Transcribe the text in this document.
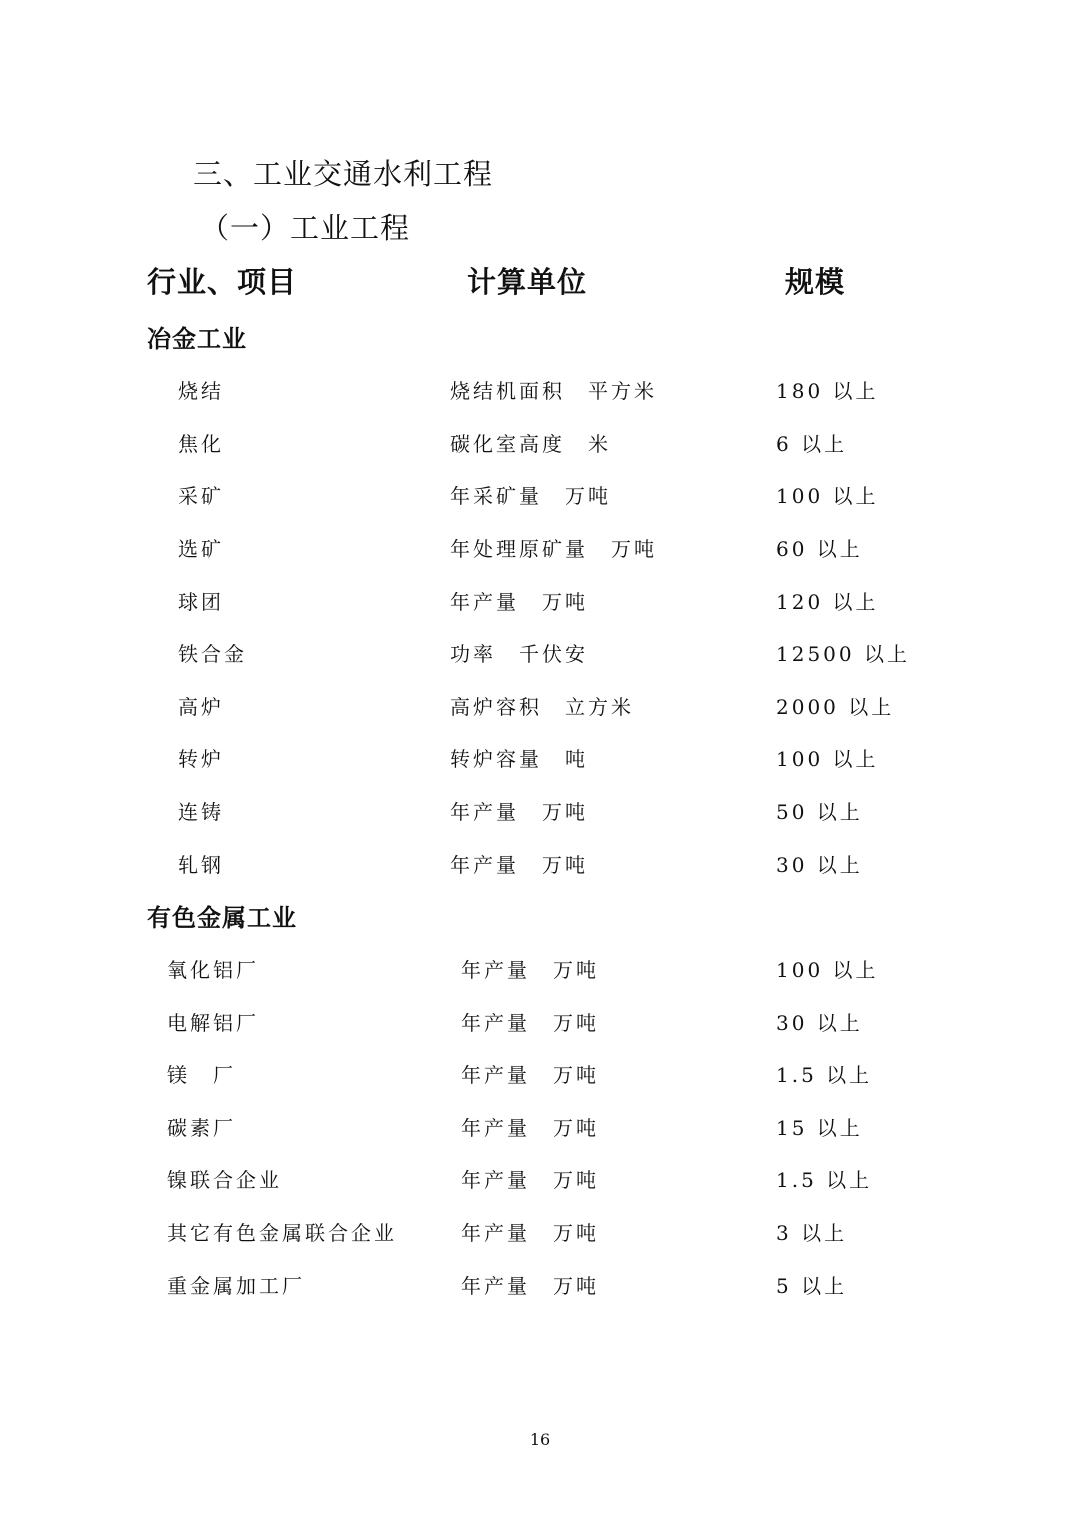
三、工业交通水利工程
（一）工业工程
行业、项目	计算单位	规模
冶金工业
烧结	烧结机面积　平方米	180 以上
焦化	碳化室高度　米	6 以上
采矿	年采矿量　万吨	100 以上
选矿	年处理原矿量　万吨	60 以上
球团	年产量　万吨	120 以上
铁合金	功率　千伏安	12500 以上
高炉	高炉容积　立方米	2000 以上
转炉	转炉容量　吨	100 以上
连铸	年产量　万吨	50 以上
轧钢	年产量　万吨	30 以上
有色金属工业
氧化铝厂	年产量　万吨	100 以上
电解铝厂	年产量　万吨	30 以上
镁　厂	年产量　万吨	1.5 以上
碳素厂	年产量　万吨	15 以上
镍联合企业	年产量　万吨	1.5 以上
其它有色金属联合企业	年产量　万吨	3 以上
重金属加工厂	年产量　万吨	5 以上
16
